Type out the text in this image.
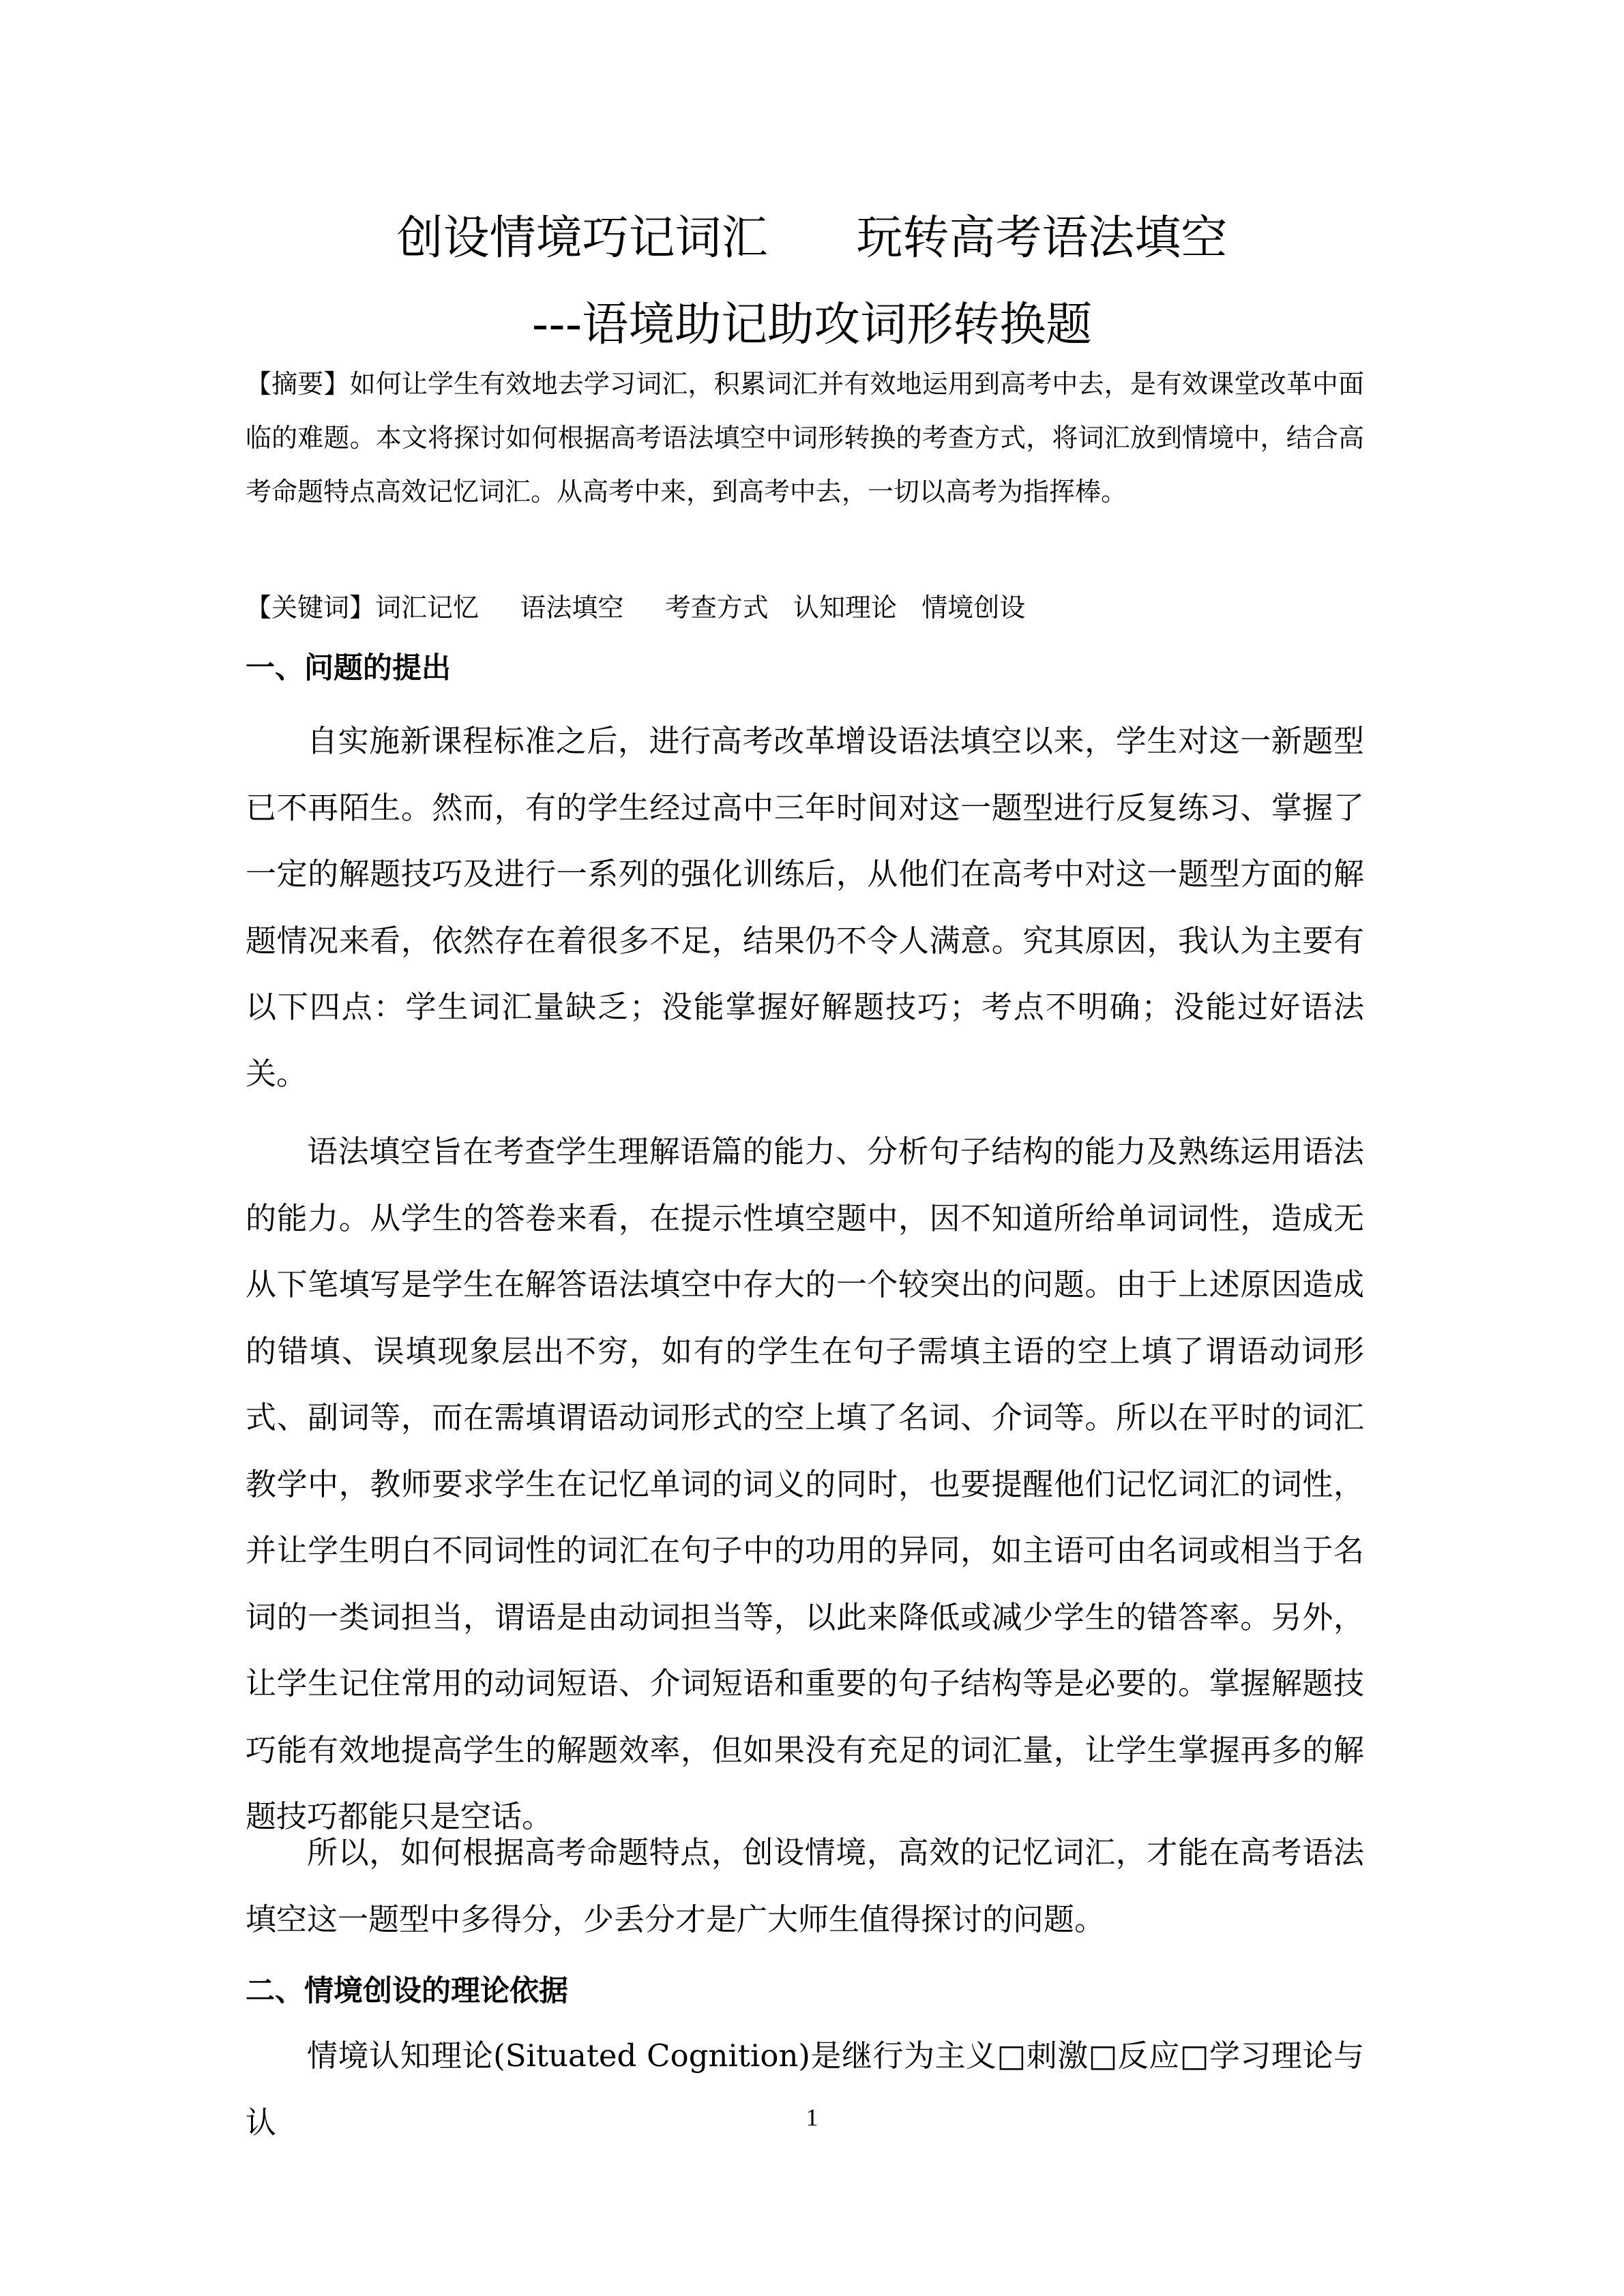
创设情境巧记词汇      玩转高考语法填空
---语境助记助攻词形转换题
【摘要】如何让学生有效地去学习词汇，积累词汇并有效地运用到高考中去，是有效课堂改革中面临的难题。本文将探讨如何根据高考语法填空中词形转换的考查方式，将词汇放到情境中，结合高考命题特点高效记忆词汇。从高考中来，到高考中去，一切以高考为指挥棒。
【关键词】词汇记忆     语法填空     考查方式   认知理论   情境创设
一、问题的提出
自实施新课程标准之后，进行高考改革增设语法填空以来，学生对这一新题型已不再陌生。然而，有的学生经过高中三年时间对这一题型进行反复练习、掌握了一定的解题技巧及进行一系列的强化训练后，从他们在高考中对这一题型方面的解题情况来看，依然存在着很多不足，结果仍不令人满意。究其原因，我认为主要有以下四点：学生词汇量缺乏；没能掌握好解题技巧；考点不明确；没能过好语法关。
语法填空旨在考查学生理解语篇的能力、分析句子结构的能力及熟练运用语法的能力。从学生的答卷来看，在提示性填空题中，因不知道所给单词词性，造成无从下笔填写是学生在解答语法填空中存大的一个较突出的问题。由于上述原因造成的错填、误填现象层出不穷，如有的学生在句子需填主语的空上填了谓语动词形式、副词等，而在需填谓语动词形式的空上填了名词、介词等。所以在平时的词汇教学中，教师要求学生在记忆单词的词义的同时，也要提醒他们记忆词汇的词性，并让学生明白不同词性的词汇在句子中的功用的异同，如主语可由名词或相当于名词的一类词担当，谓语是由动词担当等，以此来降低或减少学生的错答率。另外，让学生记住常用的动词短语、介词短语和重要的句子结构等是必要的。掌握解题技巧能有效地提高学生的解题效率，但如果没有充足的词汇量，让学生掌握再多的解题技巧都能只是空话。
所以，如何根据高考命题特点，创设情境，高效的记忆词汇，才能在高考语法填空这一题型中多得分，少丢分才是广大师生值得探讨的问题。
二、情境创设的理论依据
情境认知理论(Situated Cognition)是继行为主义□刺激□反应□学习理论与认	1
